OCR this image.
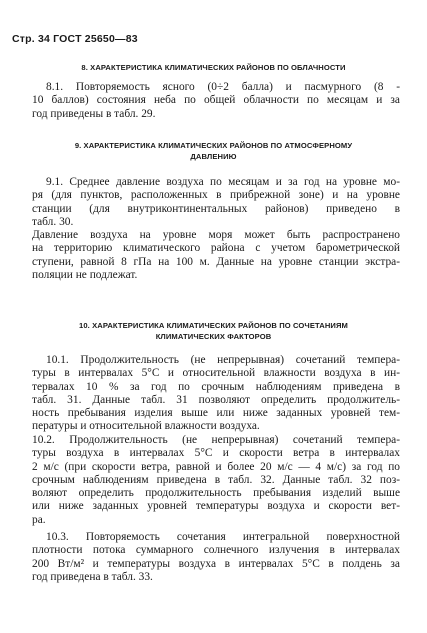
Стр. 34 ГОСТ 25650—83
8. ХАРАКТЕРИСТИКА КЛИМАТИЧЕСКИХ РАЙОНОВ ПО ОБЛАЧНОСТИ
8.1. Повторяемость ясного (0÷2 балла) и пасмурного (8 -
10 баллов) состояния неба по общей облачности по месяцам и за
год приведены в табл. 29.
9. ХАРАКТЕРИСТИКА КЛИМАТИЧЕСКИХ РАЙОНОВ ПО АТМОСФЕРНОМУ
ДАВЛЕНИЮ
9.1. Среднее давление воздуха по месяцам и за год на уровне мо-
ря (для пунктов, расположенных в прибрежной зоне) и на уровне
станции (для внутриконтинентальных районов) приведено в
табл. 30.
Давление воздуха на уровне моря может быть распространено
на территорию климатического района с учетом барометрической
ступени, равной 8 гПа на 100 м. Данные на уровне станции экстра-
поляции не подлежат.
10. ХАРАКТЕРИСТИКА КЛИМАТИЧЕСКИХ РАЙОНОВ ПО СОЧЕТАНИЯМ
КЛИМАТИЧЕСКИХ ФАКТОРОВ
10.1. Продолжительность (не непрерывная) сочетаний темпера-
туры в интервалах 5°С и относительной влажности воздуха в ин-
тервалах 10 % за год по срочным наблюдениям приведена в
табл. 31. Данные табл. 31 позволяют определить продолжитель-
ность пребывания изделия выше или ниже заданных уровней тем-
пературы и относительной влажности воздуха.
10.2. Продолжительность (не непрерывная) сочетаний темпера-
туры воздуха в интервалах 5°С и скорости ветра в интервалах
2 м/с (при скорости ветра, равной и более 20 м/с — 4 м/с) за год по
срочным наблюдениям приведена в табл. 32. Данные табл. 32 поз-
воляют определить продолжительность пребывания изделий выше
или ниже заданных уровней температуры воздуха и скорости вет-
ра.
10.3. Повторяемость сочетания интегральной поверхностной
плотности потока суммарного солнечного излучения в интервалах
200 Вт/м² и температуры воздуха в интервалах 5°С в полдень за
год приведена в табл. 33.
